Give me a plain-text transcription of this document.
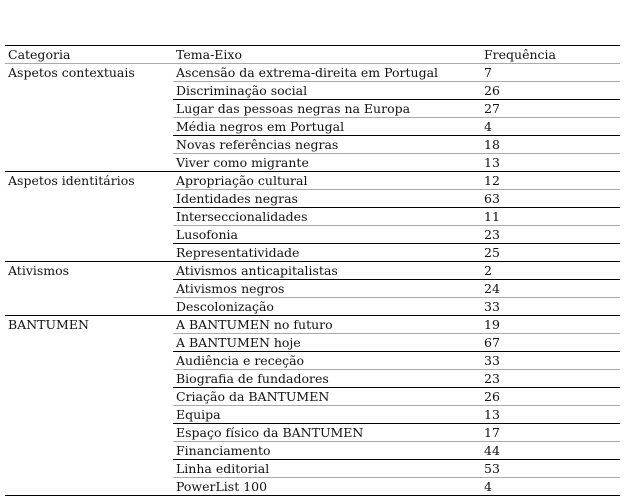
Categoria	Tema-Eixo	Frequência
Aspetos contextuais	Ascensão da extrema-direita em Portugal	7
	Discriminação social	26
	Lugar das pessoas negras na Europa	27
	Média negros em Portugal	4
	Novas referências negras	18
	Viver como migrante	13
Aspetos identitários	Apropriação cultural	12
	Identidades negras	63
	Interseccionalidades	11
	Lusofonia	23
	Representatividade	25
Ativismos	Ativismos anticapitalistas	2
	Ativismos negros	24
	Descolonização	33
BANTUMEN	A BANTUMEN no futuro	19
	A BANTUMEN hoje	67
	Audiência e receção	33
	Biografia de fundadores	23
	Criação da BANTUMEN	26
	Equipa	13
	Espaço físico da BANTUMEN	17
	Financiamento	44
	Linha editorial	53
	PowerList 100	4
